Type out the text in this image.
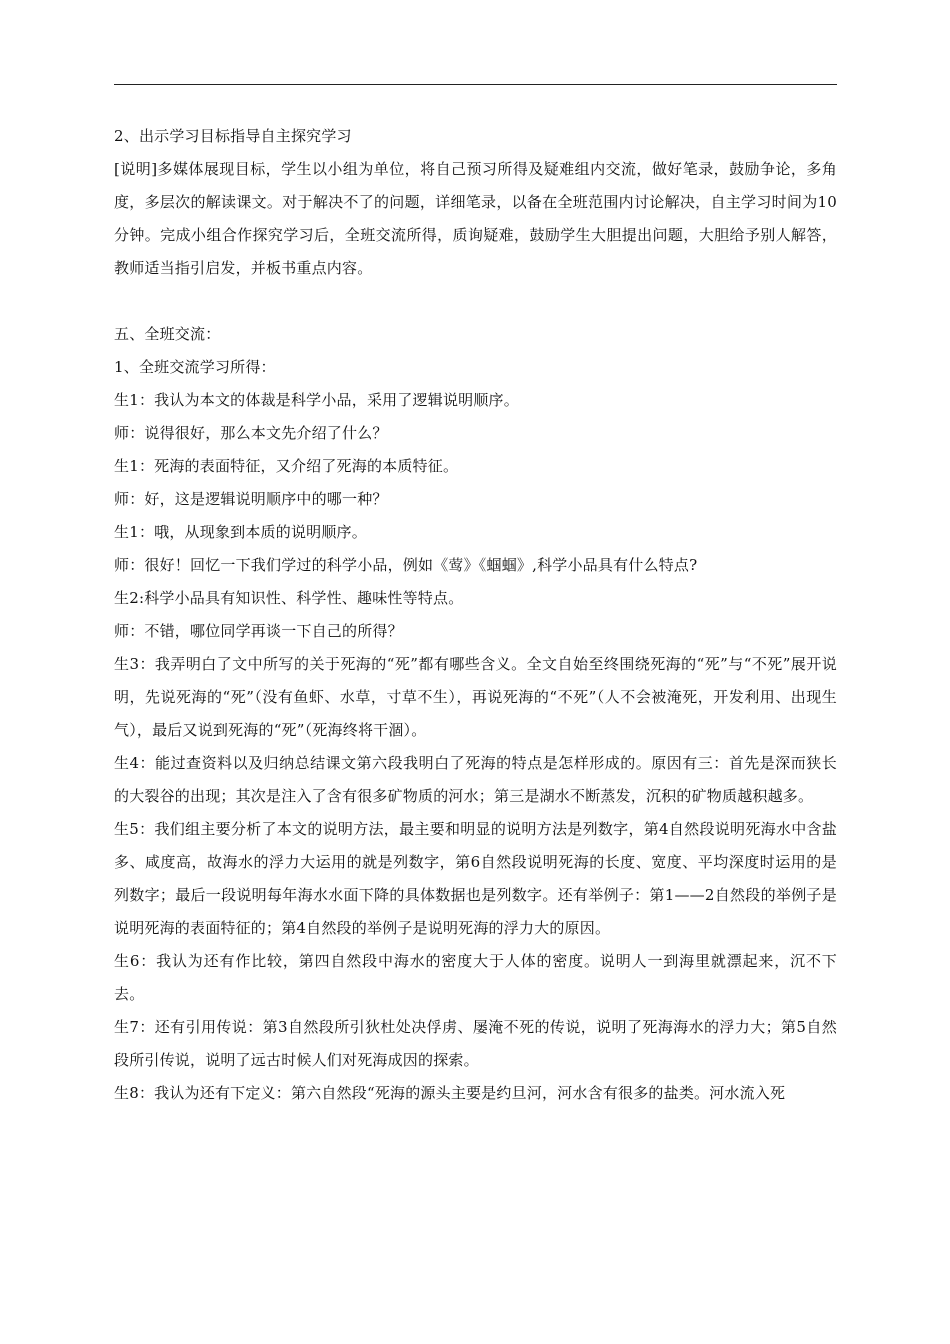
2、出示学习目标指导自主探究学习

[说明]多媒体展现目标，学生以小组为单位，将自己预习所得及疑难组内交流，做好笔录，鼓励争论，多角度，多层次的解读课文。对于解决不了的问题，详细笔录，以备在全班范围内讨论解决，自主学习时间为10分钟。完成小组合作探究学习后，全班交流所得，质询疑难，鼓励学生大胆提出问题，大胆给予别人解答，教师适当指引启发，并板书重点内容。

五、全班交流：

1、全班交流学习所得：

生1：我认为本文的体裁是科学小品，采用了逻辑说明顺序。

师：说得很好，那么本文先介绍了什么？

生1：死海的表面特征，又介绍了死海的本质特征。

师：好，这是逻辑说明顺序中的哪一种？

生1：哦，从现象到本质的说明顺序。

师：很好！回忆一下我们学过的科学小品，例如《莺》《蝈蝈》,科学小品具有什么特点?

生2:科学小品具有知识性、科学性、趣味性等特点。

师：不错，哪位同学再谈一下自己的所得？

生3：我弄明白了文中所写的关于死海的“死”都有哪些含义。全文自始至终围绕死海的“死”与“不死”展开说明，先说死海的“死”（没有鱼虾、水草，寸草不生），再说死海的“不死”（人不会被淹死，开发利用、出现生气），最后又说到死海的“死”（死海终将干涸）。

生4：能过查资料以及归纳总结课文第六段我明白了死海的特点是怎样形成的。原因有三：首先是深而狭长的大裂谷的出现；其次是注入了含有很多矿物质的河水；第三是湖水不断蒸发，沉积的矿物质越积越多。

生5：我们组主要分析了本文的说明方法，最主要和明显的说明方法是列数字，第4自然段说明死海水中含盐多、咸度高，故海水的浮力大运用的就是列数字，第6自然段说明死海的长度、宽度、平均深度时运用的是列数字；最后一段说明每年海水水面下降的具体数据也是列数字。还有举例子：第1——2自然段的举例子是说明死海的表面特征的；第4自然段的举例子是说明死海的浮力大的原因。

生6：我认为还有作比较，第四自然段中海水的密度大于人体的密度。说明人一到海里就漂起来，沉不下去。

生7：还有引用传说：第3自然段所引狄杜处决俘虏、屡淹不死的传说，说明了死海海水的浮力大；第5自然段所引传说，说明了远古时候人们对死海成因的探索。

生8：我认为还有下定义：第六自然段“死海的源头主要是约旦河，河水含有很多的盐类。河水流入死
